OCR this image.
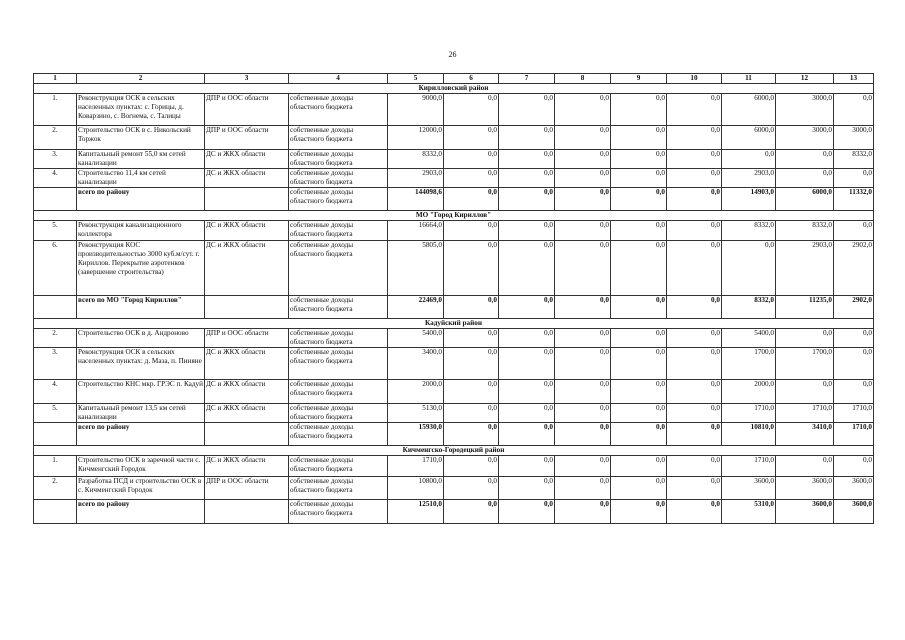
26
1	2	3	4	5	6	7	8	9	10	11	12	13
Кирилловский район												
1.	Реконструкция ОСК в сельских населенных пунктах: с. Горицы, д. Коварзино, с. Вогнема, с. Талицы	ДПР и ООС области	собственные доходы областного бюджета	9000,0	0,0	0,0	0,0	0,0	0,0	6000,0	3000,0	0,0
2.	Строительство ОСК в с. Никольский Торжок	ДПР и ООС области	собственные доходы областного бюджета	12000,0	0,0	0,0	0,0	0,0	0,0	6000,0	3000,0	3000,0
3.	Капитальный ремонт 55,0 км сетей канализации	ДС и ЖКХ области	собственные доходы областного бюджета	8332,0	0,0	0,0	0,0	0,0	0,0	0,0	0,0	8332,0
4.	Строительство 11,4 км сетей канализации	ДС и ЖКХ области	собственные доходы областного бюджета	2903,0	0,0	0,0	0,0	0,0	0,0	2903,0	0,0	0,0
	всего по району		собственные доходы областного бюджета	144098,6	0,0	0,0	0,0	0,0	0,0	14903,0	6000,0	11332,0
МО "Город Кириллов"												
5.	Реконструкция канализационного коллектора	ДС и ЖКХ области	собственные доходы областного бюджета	16664,0	0,0	0,0	0,0	0,0	0,0	8332,0	8332,0	0,0
6.	Реконструкция КОС производительностью 3000 куб.м/сут. г. Кириллов. Перекрытие аэротенков (завершение строительства)	ДС и ЖКХ области	собственные доходы областного бюджета	5805,0	0,0	0,0	0,0	0,0	0,0	0,0	2903,0	2902,0
	всего по МО "Город Кириллов"		собственные доходы областного бюджета	22469,0	0,0	0,0	0,0	0,0	0,0	8332,0	11235,0	2902,0
Кадуйский район												
2.	Строительство ОСК в д. Андроново	ДПР и ООС области	собственные доходы областного бюджета	5400,0	0,0	0,0	0,0	0,0	0,0	5400,0	0,0	0,0
3.	Реконструкция ОСК в сельских населенных пунктах: д. Маза, п. Пиняне	ДС и ЖКХ области	собственные доходы областного бюджета	3400,0	0,0	0,0	0,0	0,0	0,0	1700,0	1700,0	0,0
4.	Строительство КНС мкр. ГРЭС п. Кадуй	ДС и ЖКХ области	собственные доходы областного бюджета	2000,0	0,0	0,0	0,0	0,0	0,0	2000,0	0,0	0,0
5.	Капитальный ремонт 13,5 км сетей канализации	ДС и ЖКХ области	собственные доходы областного бюджета	5130,0	0,0	0,0	0,0	0,0	0,0	1710,0	1710,0	1710,0
	всего по району		собственные доходы областного бюджета	15930,0	0,0	0,0	0,0	0,0	0,0	10810,0	3410,0	1710,0
Кичменгско-Городецкий район												
1.	Строительство ОСК в заречной части с. Кичменгский Городок	ДС и ЖКХ области	собственные доходы областного бюджета	1710,0	0,0	0,0	0,0	0,0	0,0	1710,0	0,0	0,0
2.	Разработка ПСД и строительство ОСК в с. Кичменгский Городок	ДПР и ООС области	собственные доходы областного бюджета	10800,0	0,0	0,0	0,0	0,0	0,0	3600,0	3600,0	3600,0
	всего по району		собственные доходы областного бюджета	12510,0	0,0	0,0	0,0	0,0	0,0	5310,0	3600,0	3600,0
